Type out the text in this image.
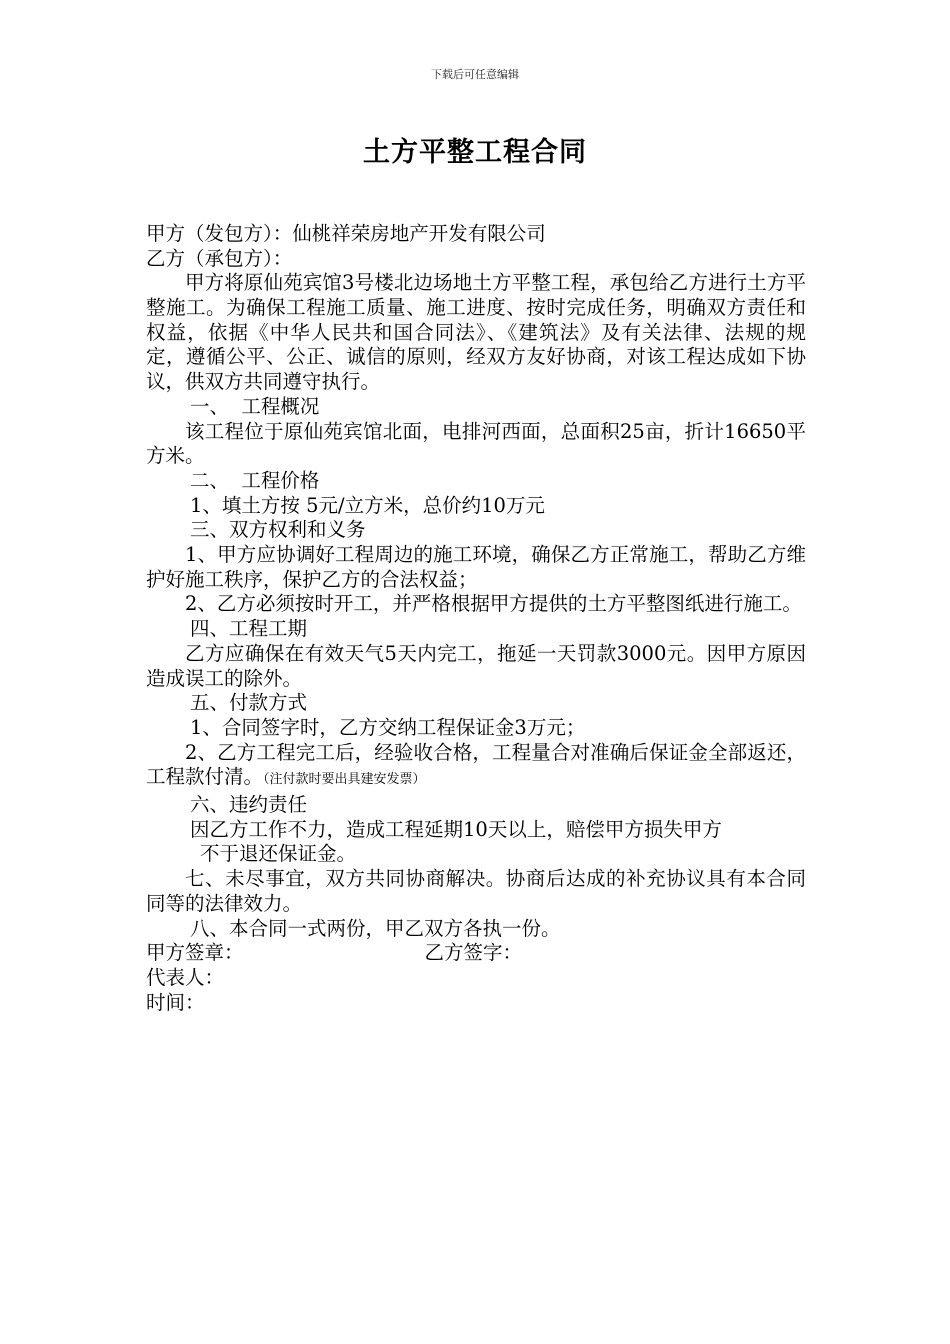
下载后可任意编辑
土方平整工程合同
甲方（发包方）：仙桃祥荣房地产开发有限公司
乙方（承包方）：
甲方将原仙苑宾馆3号楼北边场地土方平整工程，承包给乙方进行土方平整施工。为确保工程施工质量、施工进度、按时完成任务，明确双方责任和权益，依据《中华人民共和国合同法》、《建筑法》及有关法律、法规的规定，遵循公平、公正、诚信的原则，经双方友好协商，对该工程达成如下协议，供双方共同遵守执行。
一、  工程概况
该工程位于原仙苑宾馆北面，电排河西面，总面积25亩，折计16650平方米。
二、  工程价格
1、填土方按 5元/立方米，总价约10万元
三、双方权利和义务
1、甲方应协调好工程周边的施工环境，确保乙方正常施工，帮助乙方维护好施工秩序，保护乙方的合法权益；
2、乙方必须按时开工，并严格根据甲方提供的土方平整图纸进行施工。
四、工程工期
乙方应确保在有效天气5天内完工，拖延一天罚款3000元。因甲方原因造成误工的除外。
五、付款方式
1、合同签字时，乙方交纳工程保证金3万元；
2、乙方工程完工后，经验收合格，工程量合对准确后保证金全部返还，工程款付清。（注付款时要出具建安发票）
六、违约责任
因乙方工作不力，造成工程延期10天以上，赔偿甲方损失甲方
不于退还保证金。
七、未尽事宜，双方共同协商解决。协商后达成的补充协议具有本合同同等的法律效力。
八、本合同一式两份，甲乙双方各执一份。
甲方签章：	乙方签字：
代表人：
时间：
